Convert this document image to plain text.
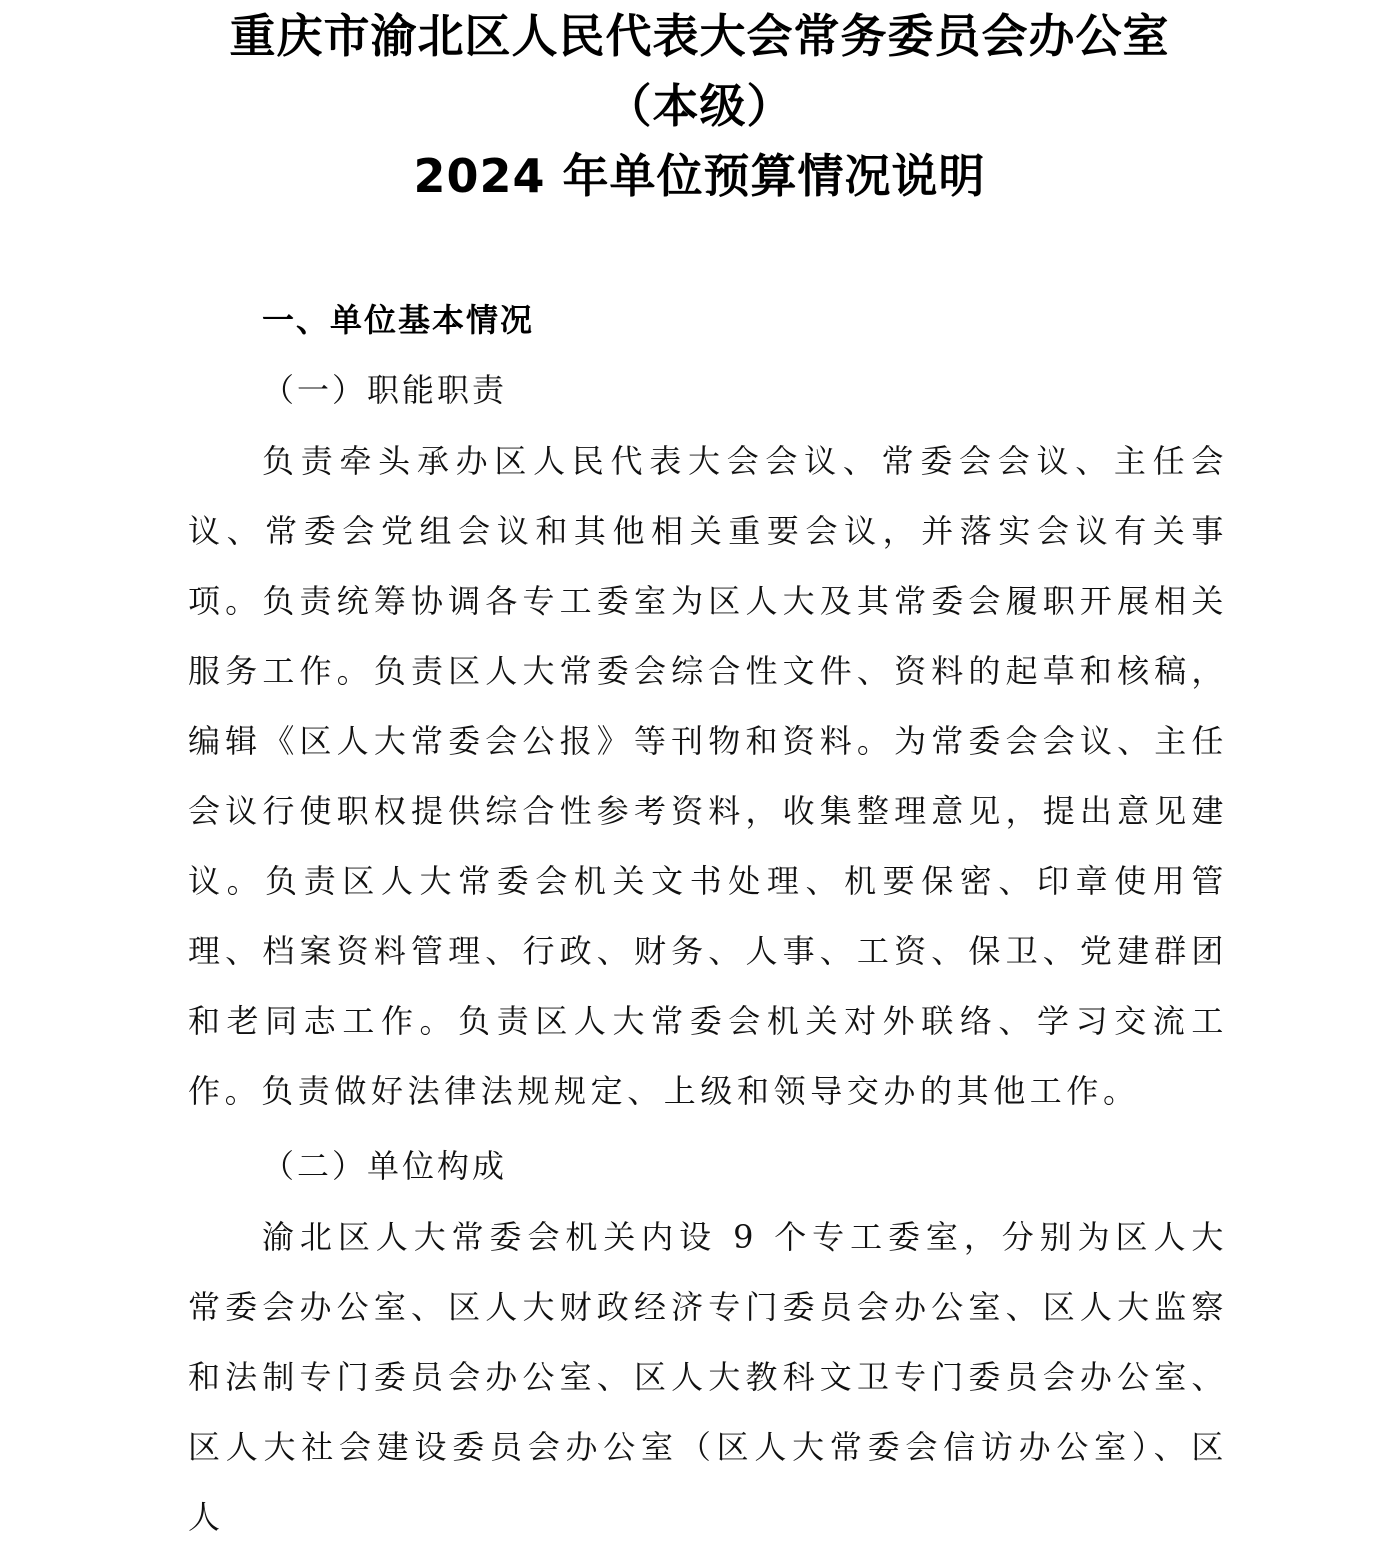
重庆市渝北区人民代表大会常务委员会办公室
（本级）
2024 年单位预算情况说明
一、单位基本情况
（一）职能职责

负责牵头承办区人民代表大会会议、常委会会议、主任会议、常委会党组会议和其他相关重要会议，并落实会议有关事项。负责统筹协调各专工委室为区人大及其常委会履职开展相关服务工作。负责区人大常委会综合性文件、资料的起草和核稿，编辑《区人大常委会公报》等刊物和资料。为常委会会议、主任会议行使职权提供综合性参考资料，收集整理意见，提出意见建议。负责区人大常委会机关文书处理、机要保密、印章使用管理、档案资料管理、行政、财务、人事、工资、保卫、党建群团和老同志工作。负责区人大常委会机关对外联络、学习交流工作。负责做好法律法规规定、上级和领导交办的其他工作。

（二）单位构成

渝北区人大常委会机关内设 9 个专工委室，分别为区人大常委会办公室、区人大财政经济专门委员会办公室、区人大监察和法制专门委员会办公室、区人大教科文卫专门委员会办公室、区人大社会建设委员会办公室（区人大常委会信访办公室）、区人
